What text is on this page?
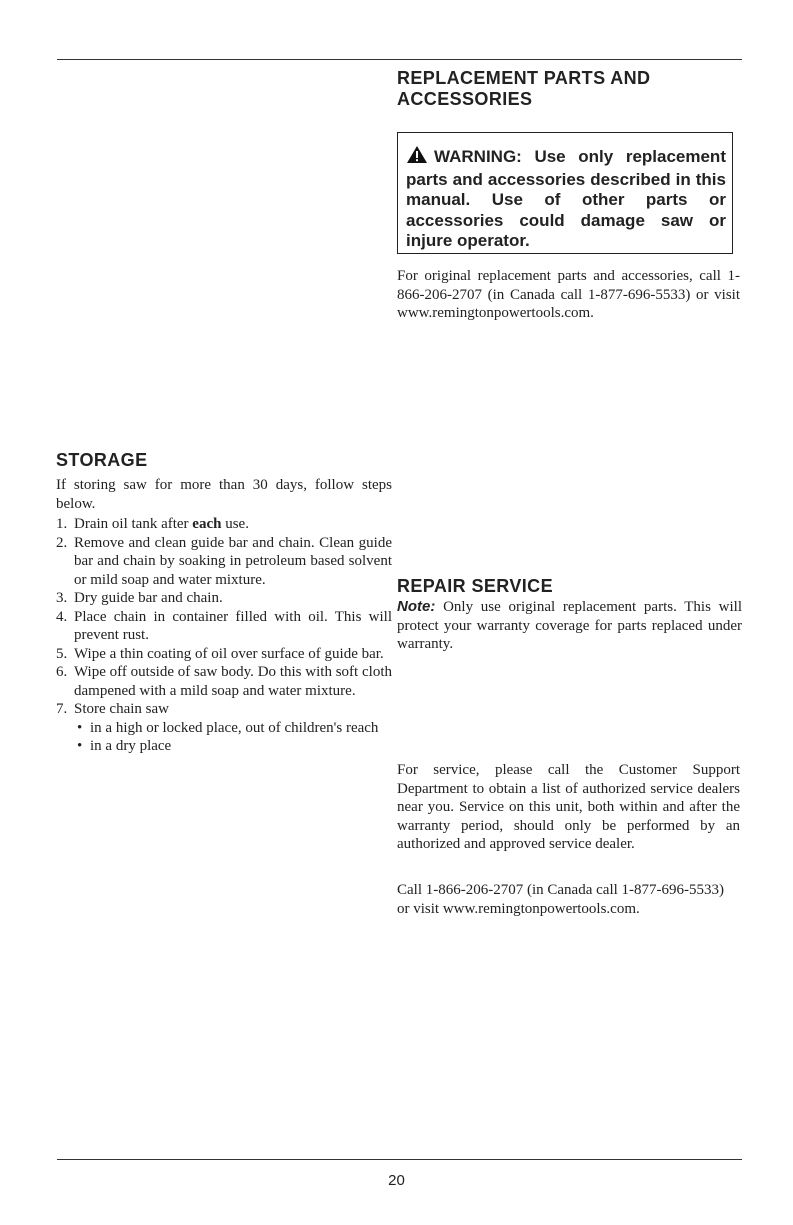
REPLACEMENT PARTS AND
ACCESSORIES
WARNING: Use only replacement parts and accessories described in this manual. Use of other parts or accessories could damage saw or injure operator.

For original replacement parts and accessories, call 1-866-206-2707 (in Canada call 1-877-696-5533) or visit www.remingtonpowertools.com.

STORAGE

If storing saw for more than 30 days, follow steps below.

1. Drain oil tank after each use.
2. Remove and clean guide bar and chain. Clean guide bar and chain by soaking in petroleum based solvent or mild soap and water mixture.
3. Dry guide bar and chain.
4. Place chain in container filled with oil. This will prevent rust.
5. Wipe a thin coating of oil over surface of guide bar.
6. Wipe off outside of saw body. Do this with soft cloth dampened with a mild soap and water mixture.
7. Store chain saw
• in a high or locked place, out of children's reach
• in a dry place
REPAIR SERVICE

Note: Only use original replacement parts. This will protect your warranty coverage for parts replaced under warranty.

For service, please call the Customer Support Department to obtain a list of authorized service dealers near you. Service on this unit, both within and after the warranty period, should only be performed by an authorized and approved service dealer.

Call 1-866-206-2707 (in Canada call 1-877-696-5533) or visit www.remingtonpowertools.com.

20
